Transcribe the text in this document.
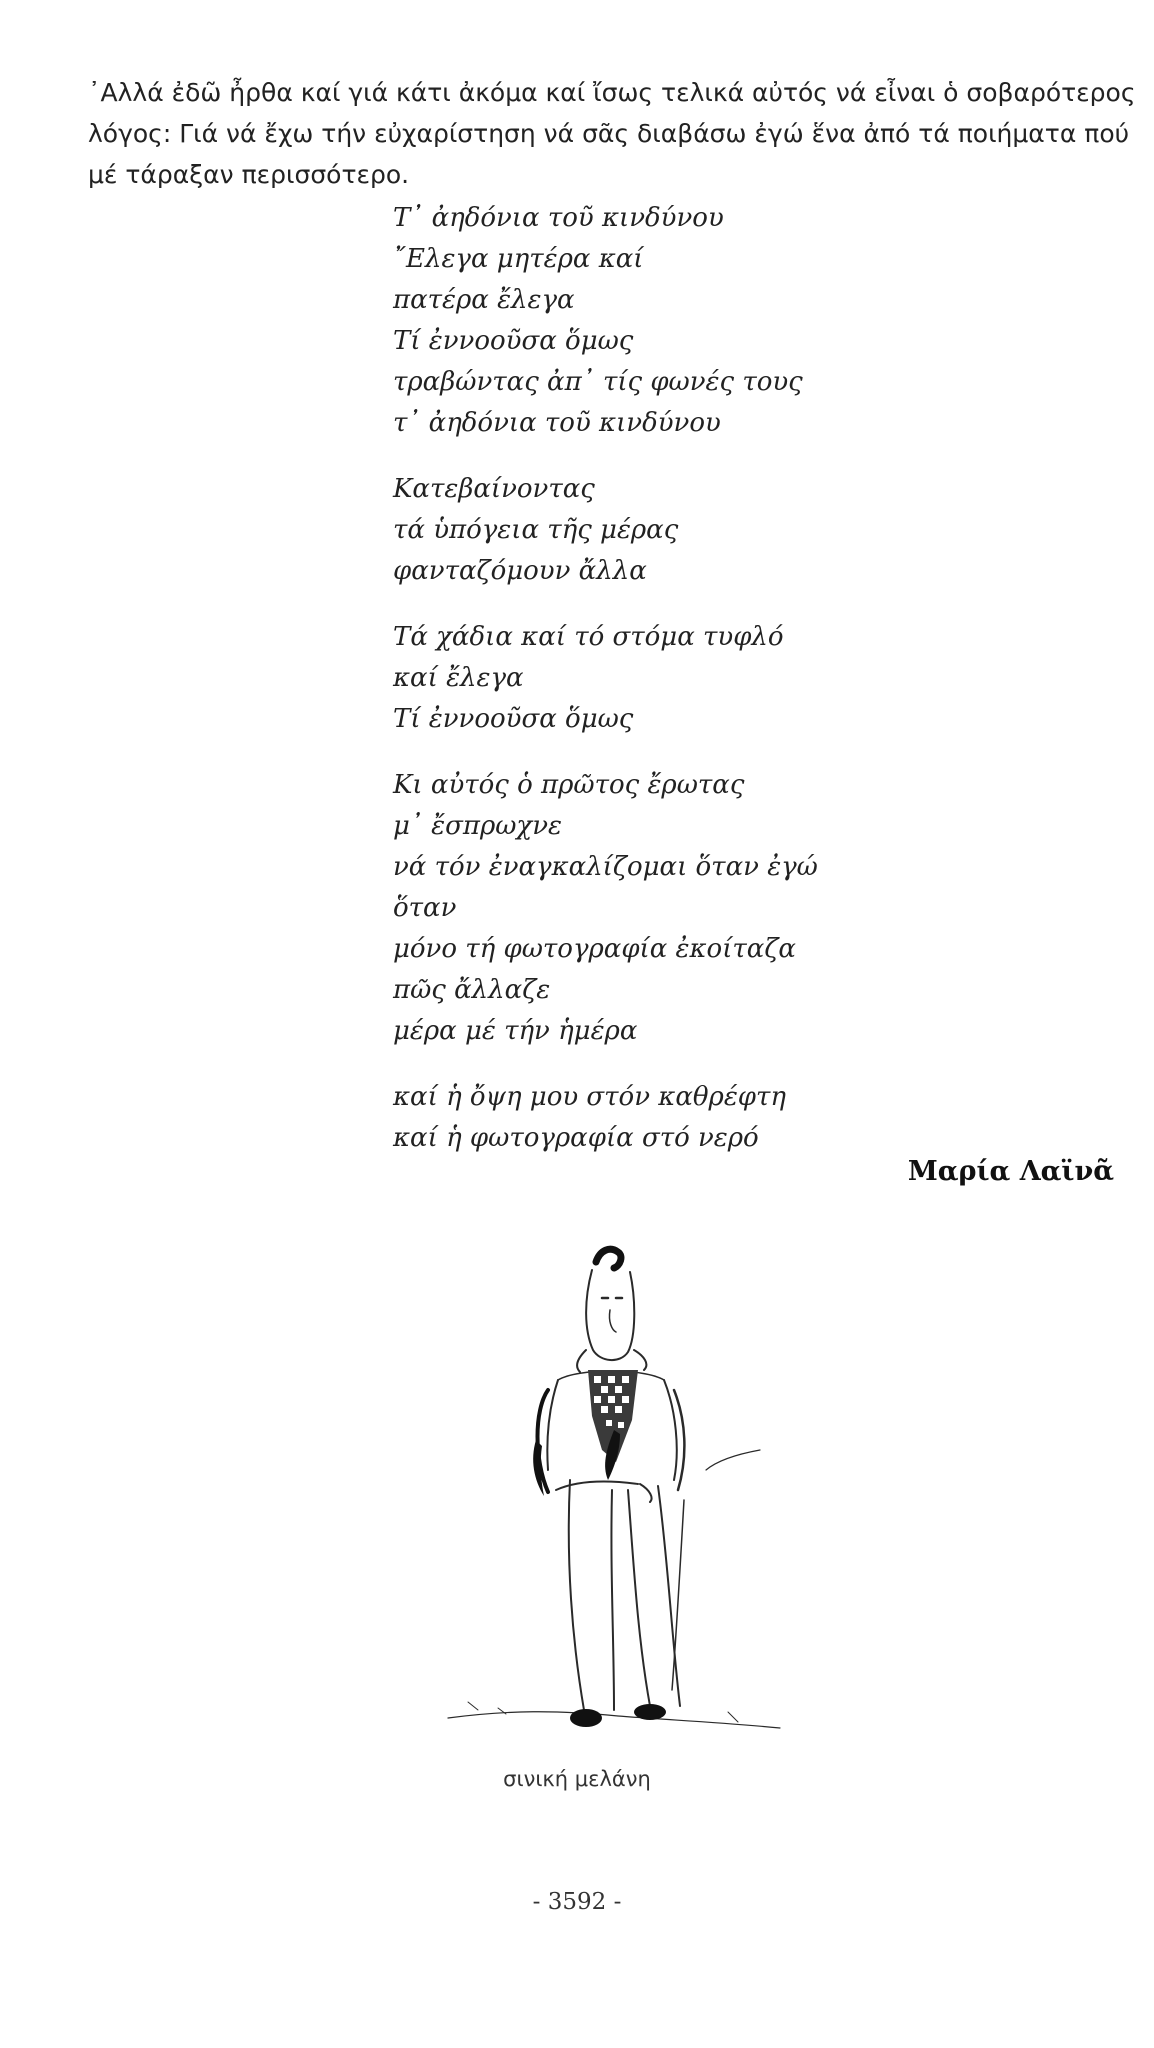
᾿Αλλά ἐδῶ ἦρθα καί γιά κάτι ἀκόμα καί ἴσως τελικά αὐτός νά εἶναι ὁ σοβαρότερος
λόγος: Γιά νά ἔχω τήν εὐχαρίστηση νά σᾶς διαβάσω ἐγώ ἕνα ἀπό τά ποιήματα πού
μέ τάραξαν περισσότερο.
Τ᾿ ἀηδόνια τοῦ κινδύνου
῎Ελεγα μητέρα καί
πατέρα ἔλεγα
Τί ἐννοοῦσα ὅμως
τραβώντας ἀπ᾿ τίς φωνές τους
τ᾿ ἀηδόνια τοῦ κινδύνου
Κατεβαίνοντας
τά ὑπόγεια τῆς μέρας
φανταζόμουν ἄλλα
Τά χάδια καί τό στόμα τυφλό
καί ἔλεγα
Τί ἐννοοῦσα ὅμως
Κι αὐτός ὁ πρῶτος ἔρωτας
μ᾿ ἔσπρωχνε
νά τόν ἐναγκαλίζομαι ὅταν ἐγώ
ὅταν
μόνο τή φωτογραφία ἐκοίταζα
πῶς ἄλλαζε
μέρα μέ τήν ἡμέρα
καί ἡ ὄψη μου στόν καθρέφτη
καί ἡ φωτογραφία στό νερό
Μαρία Λαϊνᾶ
σινική μελάνη
- 3592 -
